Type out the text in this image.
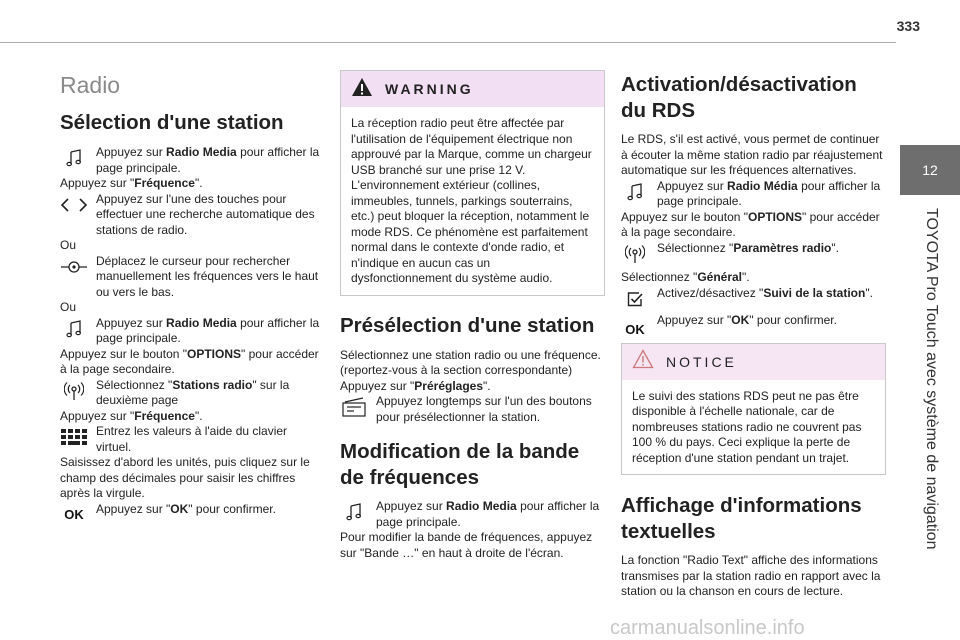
333
12
TOYOTA Pro Touch avec système de navigation
Radio
Sélection d'une station
Appuyez sur Radio Media pour afficher la page principale.

Appuyez sur "Fréquence".

Appuyez sur l'une des touches pour effectuer une recherche automatique des stations de radio.

Ou

Déplacez le curseur pour rechercher manuellement les fréquences vers le haut ou vers le bas.

Ou

Appuyez sur Radio Media pour afficher la page principale.

Appuyez sur le bouton "OPTIONS" pour accéder à la page secondaire.

Sélectionnez "Stations radio" sur la deuxième page

Appuyez sur "Fréquence".

Entrez les valeurs à l'aide du clavier virtuel.

Saisissez d'abord les unités, puis cliquez sur le champ des décimales pour saisir les chiffres après la virgule.

OK	Appuyez sur "OK" pour confirmer.
WARNING
La réception radio peut être affectée par l'utilisation de l'équipement électrique non approuvé par la Marque, comme un chargeur USB branché sur une prise 12 V. L'environnement extérieur (collines, immeubles, tunnels, parkings souterrains, etc.) peut bloquer la réception, notamment le mode RDS. Ce phénomène est parfaitement normal dans le contexte d'onde radio, et n'indique en aucun cas un dysfonctionnement du système audio.
Présélection d'une station

Sélectionnez une station radio ou une fréquence. (reportez-vous à la section correspondante)

Appuyez sur "Préréglages".

Appuyez longtemps sur l'un des boutons pour présélectionner la station.
Modification de la bande de fréquences
Appuyez sur Radio Media pour afficher la page principale.

Pour modifier la bande de fréquences, appuyez sur "Bande …" en haut à droite de l'écran.

Activation/désactivation du RDS

Le RDS, s'il est activé, vous permet de continuer à écouter la même station radio par réajustement automatique sur les fréquences alternatives.

Appuyez sur Radio Média pour afficher la page principale.

Appuyez sur le bouton "OPTIONS" pour accéder à la page secondaire.

Sélectionnez "Paramètres radio".

Sélectionnez "Général".

Activez/désactivez "Suivi de la station".
OK
Appuyez sur "OK" pour confirmer.
NOTICE
Le suivi des stations RDS peut ne pas être disponible à l'échelle nationale, car de nombreuses stations radio ne couvrent pas 100 % du pays. Ceci explique la perte de réception d'une station pendant un trajet.
Affichage d'informations textuelles

La fonction "Radio Text" affiche des informations transmises par la station radio en rapport avec la station ou la chanson en cours de lecture.

carmanualsonline.info
